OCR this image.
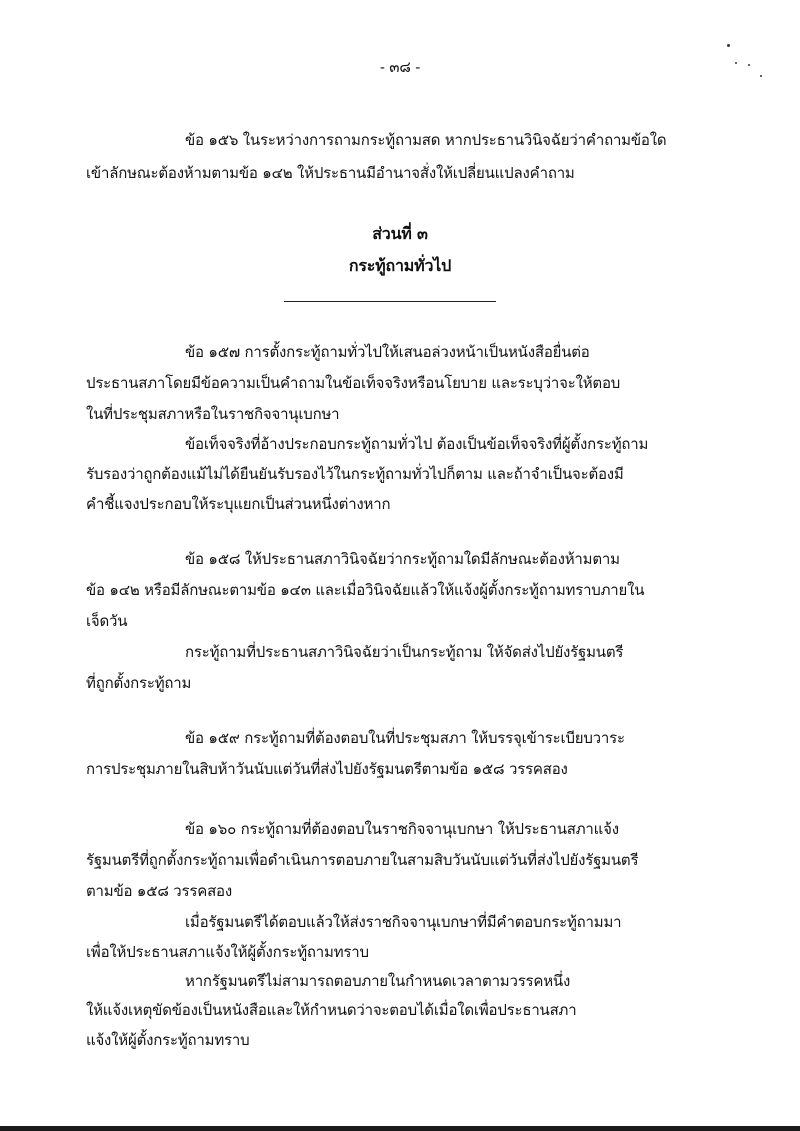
- ๓๘ -
ข้อ ๑๕๖ ในระหว่างการถามกระทู้ถามสด หากประธานวินิจฉัยว่าคำถามข้อใด
เข้าลักษณะต้องห้ามตามข้อ ๑๔๒ ให้ประธานมีอำนาจสั่งให้เปลี่ยนแปลงคำถาม
ส่วนที่ ๓
กระทู้ถามทั่วไป
ข้อ ๑๕๗ การตั้งกระทู้ถามทั่วไปให้เสนอล่วงหน้าเป็นหนังสือยื่นต่อ
ประธานสภาโดยมีข้อความเป็นคำถามในข้อเท็จจริงหรือนโยบาย และระบุว่าจะให้ตอบ
ในที่ประชุมสภาหรือในราชกิจจานุเบกษา
ข้อเท็จจริงที่อ้างประกอบกระทู้ถามทั่วไป ต้องเป็นข้อเท็จจริงที่ผู้ตั้งกระทู้ถาม
รับรองว่าถูกต้องแม้ไม่ได้ยืนยันรับรองไว้ในกระทู้ถามทั่วไปก็ตาม และถ้าจำเป็นจะต้องมี
คำชี้แจงประกอบให้ระบุแยกเป็นส่วนหนึ่งต่างหาก
ข้อ ๑๕๘ ให้ประธานสภาวินิจฉัยว่ากระทู้ถามใดมีลักษณะต้องห้ามตาม
ข้อ ๑๔๒ หรือมีลักษณะตามข้อ ๑๔๓ และเมื่อวินิจฉัยแล้วให้แจ้งผู้ตั้งกระทู้ถามทราบภายใน
เจ็ดวัน
กระทู้ถามที่ประธานสภาวินิจฉัยว่าเป็นกระทู้ถาม ให้จัดส่งไปยังรัฐมนตรี
ที่ถูกตั้งกระทู้ถาม
ข้อ ๑๕๙ กระทู้ถามที่ต้องตอบในที่ประชุมสภา ให้บรรจุเข้าระเบียบวาระ
การประชุมภายในสิบห้าวันนับแต่วันที่ส่งไปยังรัฐมนตรีตามข้อ ๑๕๘ วรรคสอง
ข้อ ๑๖๐ กระทู้ถามที่ต้องตอบในราชกิจจานุเบกษา ให้ประธานสภาแจ้ง
รัฐมนตรีที่ถูกตั้งกระทู้ถามเพื่อดำเนินการตอบภายในสามสิบวันนับแต่วันที่ส่งไปยังรัฐมนตรี
ตามข้อ ๑๕๘ วรรคสอง
เมื่อรัฐมนตรีได้ตอบแล้วให้ส่งราชกิจจานุเบกษาที่มีคำตอบกระทู้ถามมา
เพื่อให้ประธานสภาแจ้งให้ผู้ตั้งกระทู้ถามทราบ
หากรัฐมนตรีไม่สามารถตอบภายในกำหนดเวลาตามวรรคหนึ่ง
ให้แจ้งเหตุขัดข้องเป็นหนังสือและให้กำหนดว่าจะตอบได้เมื่อใดเพื่อประธานสภา
แจ้งให้ผู้ตั้งกระทู้ถามทราบ
